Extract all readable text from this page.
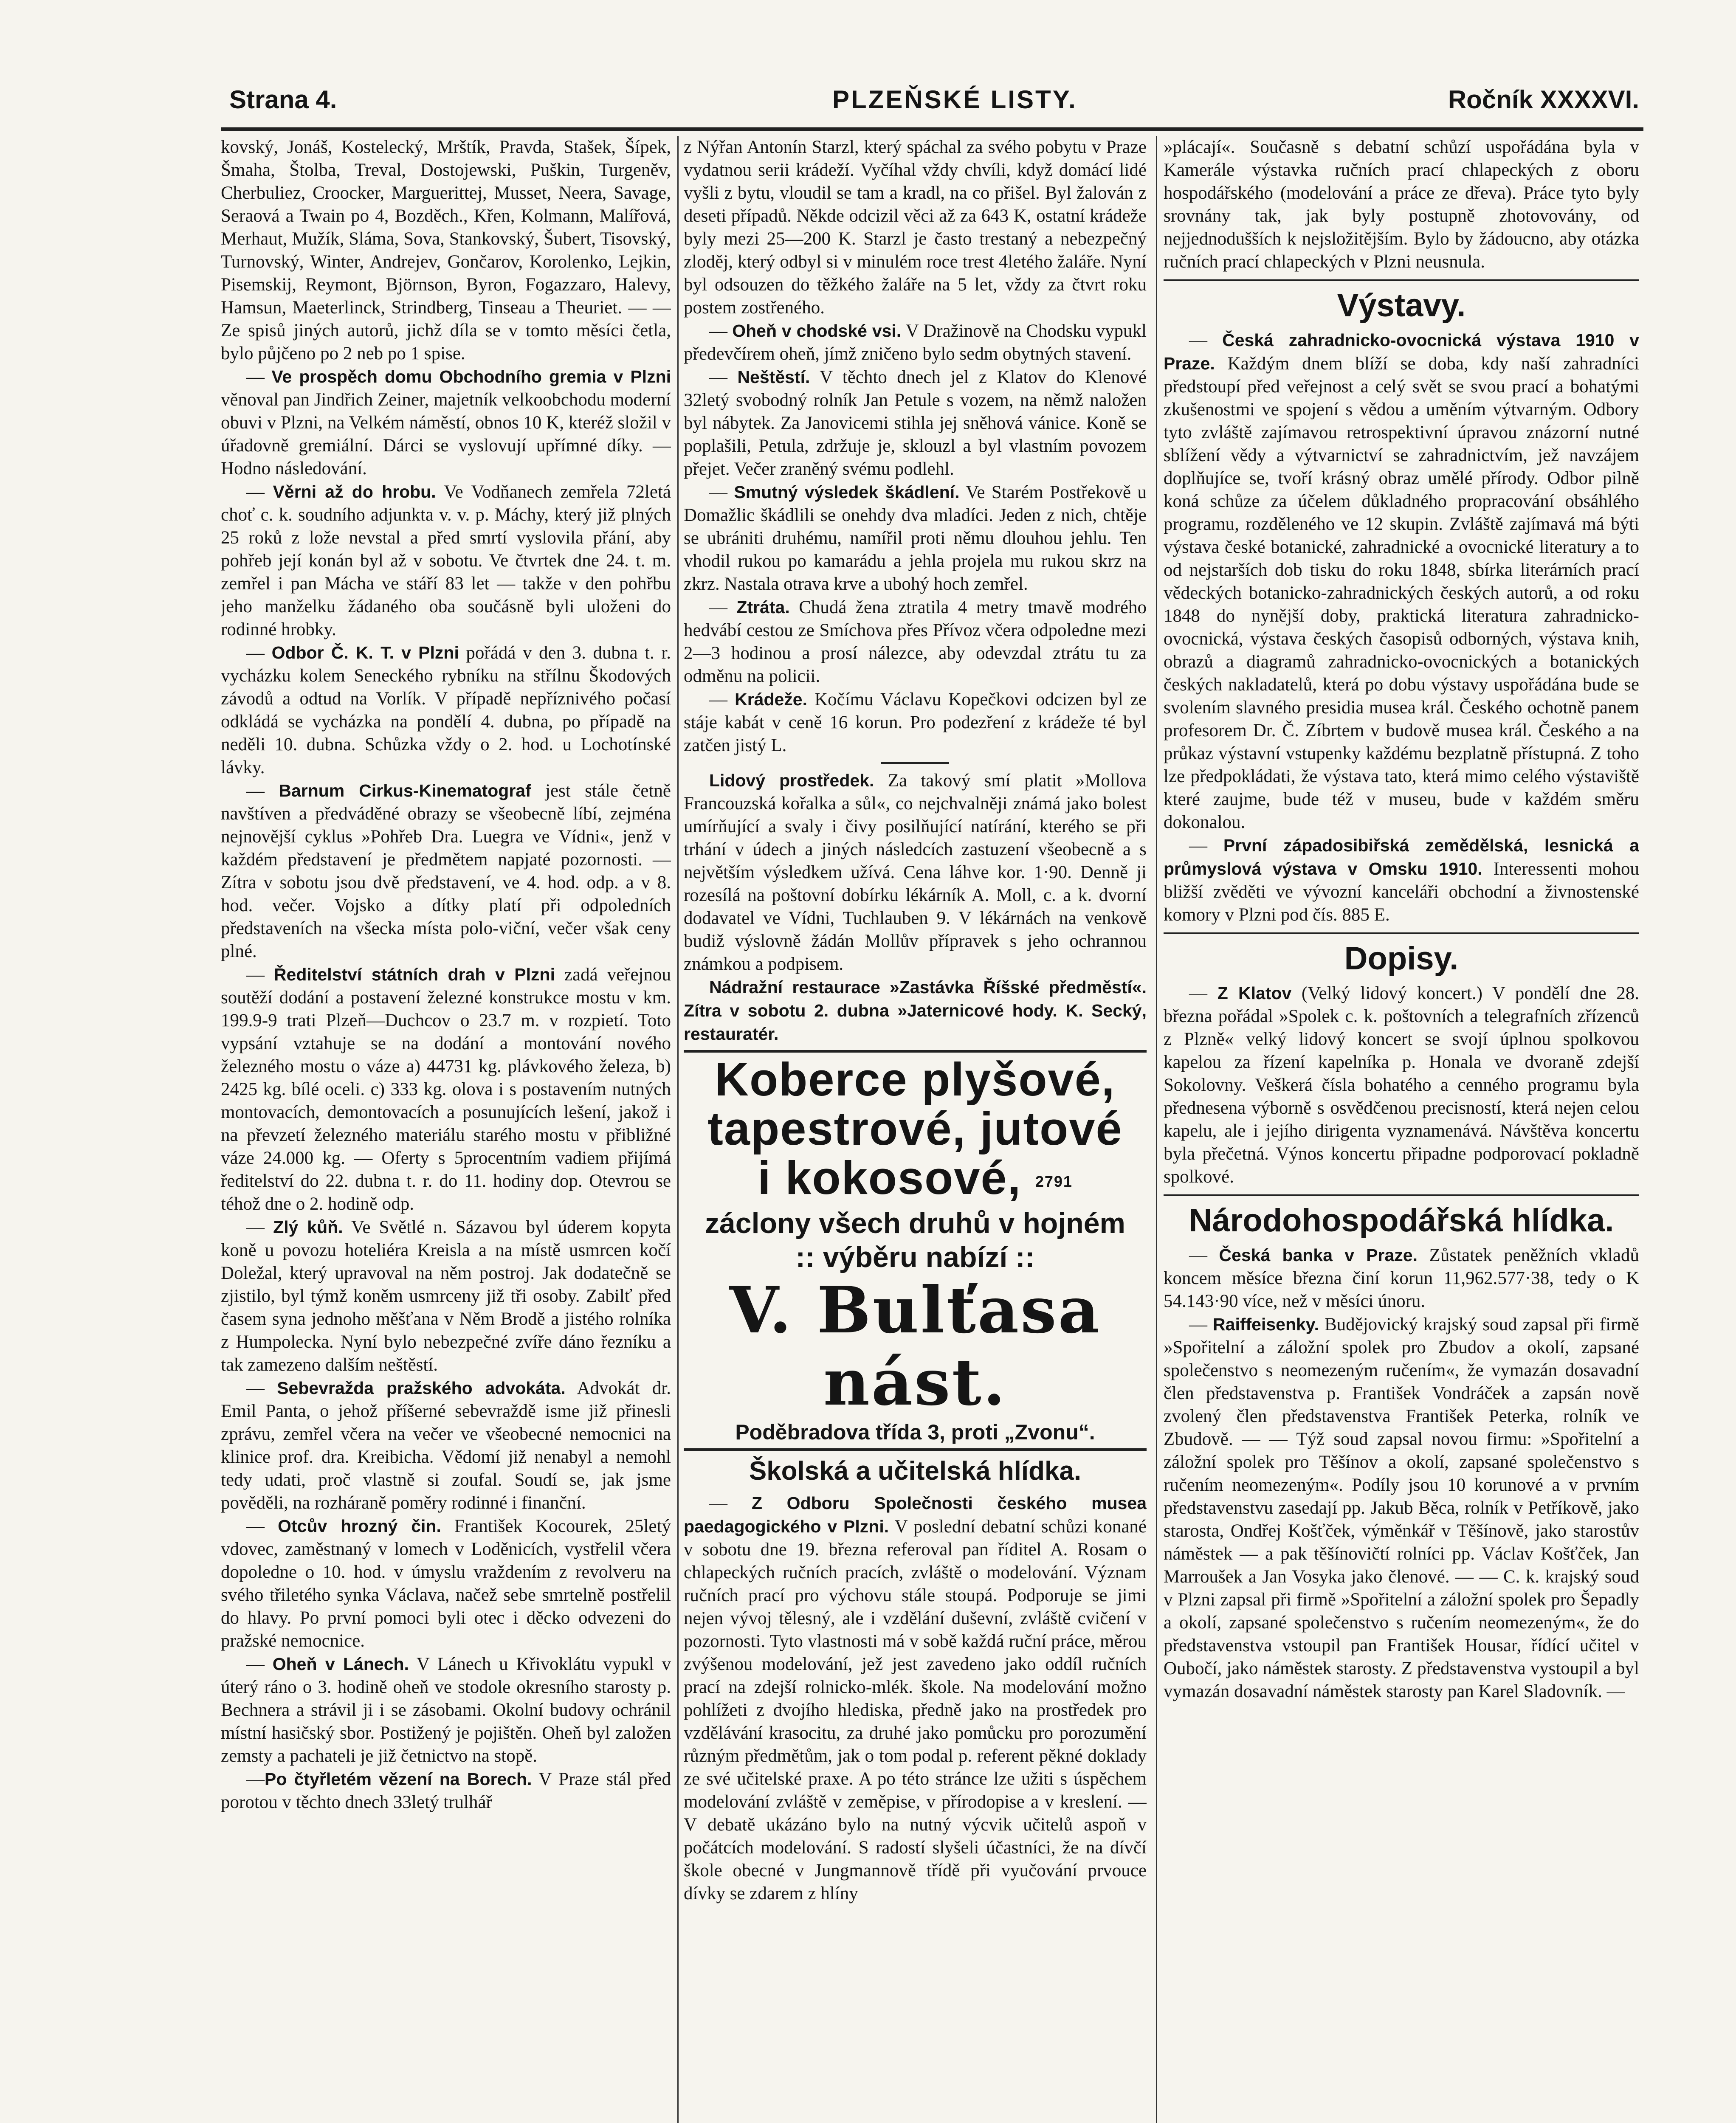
Strana 4.	PLZEŇSKÉ LISTY.	Ročník XXXXVI.

kovský, Jonáš, Kostelecký, Mrštík, Pravda, Stašek, Šípek, Šmaha, Štolba, Treval, Dostojewski, Puškin, Turgeněv, Cherbuliez, Croocker, Marguerittej, Musset, Neera, Savage, Seraová a Twain po 4, Bozděch., Křen, Kolmann, Malířová, Merhaut, Mužík, Sláma, Sova, Stankovský, Šubert, Tisovský, Turnovský, Winter, Andrejev, Gončarov, Korolenko, Lejkin, Pisemskij, Reymont, Björnson, Byron, Fogazzaro, Halevy, Hamsun, Maeterlinck, Strindberg, Tinseau a Theuriet. — — Ze spisů jiných autorů, jichž díla se v tomto měsíci četla, bylo půjčeno po 2 neb po 1 spise.

— Ve prospěch domu Obchodního gremia v Plzni věnoval pan Jindřich Zeiner, majetník velkoobchodu moderní obuvi v Plzni, na Velkém náměstí, obnos 10 K, kteréž složil v úřadovně gremiální. Dárci se vyslovují upřímné díky. — Hodno následování.

— Věrni až do hrobu. Ve Vodňanech zemřela 72letá choť c. k. soudního adjunkta v. v. p. Máchy, který již plných 25 roků z lože nevstal a před smrtí vyslovila přání, aby pohřeb její konán byl až v sobotu. Ve čtvrtek dne 24. t. m. zemřel i pan Mácha ve stáří 83 let — takže v den pohřbu jeho manželku žádaného oba součásně byli uloženi do rodinné hrobky.

— Odbor Č. K. T. v Plzni pořádá v den 3. dubna t. r. vycházku kolem Seneckého rybníku na střílnu Škodových závodů a odtud na Vorlík. V případě nepříznivého počasí odkládá se vycházka na pondělí 4. dubna, po případě na neděli 10. dubna. Schůzka vždy o 2. hod. u Lochotínské lávky.

— Barnum Cirkus-Kinematograf jest stále četně navštíven a předváděné obrazy se všeobecně líbí, zejména nejnovější cyklus »Pohřeb Dra. Luegra ve Vídni«, jenž v každém představení je předmětem napjaté pozornosti. — Zítra v sobotu jsou dvě představení, ve 4. hod. odp. a v 8. hod. večer. Vojsko a dítky platí při odpoledních představeních na všecka místa polo-viční, večer však ceny plné.

— Ředitelství státních drah v Plzni zadá veřejnou soutěží dodání a postavení železné konstrukce mostu v km. 199.9-9 trati Plzeň—Duchcov o 23.7 m. v rozpietí. Toto vypsání vztahuje se na dodání a montování nového železného mostu o váze a) 44731 kg. plávkového železa, b) 2425 kg. bílé oceli. c) 333 kg. olova i s postavením nutných montovacích, demontovacích a posunujících lešení, jakož i na převzetí železného materiálu starého mostu v přibližné váze 24.000 kg. — Oferty s 5procentním vadiem přijímá ředitelství do 22. dubna t. r. do 11. hodiny dop. Otevrou se téhož dne o 2. hodině odp.

— Zlý kůň. Ve Světlé n. Sázavou byl úderem kopyta koně u povozu hoteliéra Kreisla a na místě usmrcen kočí Doležal, který upravoval na něm postroj. Jak dodatečně se zjistilo, byl týmž koněm usmrceny již tři osoby. Zabilť před časem syna jednoho měšťana v Něm Brodě a jistého rolníka z Humpolecka. Nyní bylo nebezpečné zvíře dáno řezníku a tak zamezeno dalším neštěstí.

— Sebevražda pražského advokáta. Advokát dr. Emil Panta, o jehož příšerné sebevraždě isme již přinesli zprávu, zemřel včera na večer ve všeobecné nemocnici na klinice prof. dra. Kreibicha. Vědomí již nenabyl a nemohl tedy udati, proč vlastně si zoufal. Soudí se, jak jsme pověděli, na rozháraně poměry rodinné i finanční.

— Otcův hrozný čin. František Kocourek, 25letý vdovec, zaměstnaný v lomech v Loděnicích, vystřelil včera dopoledne o 10. hod. v úmyslu vraždením z revolveru na svého třiletého synka Václava, načež sebe smrtelně postřelil do hlavy. Po první pomoci byli otec i děcko odvezeni do pražské nemocnice.

— Oheň v Lánech. V Lánech u Křivoklátu vypukl v úterý ráno o 3. hodině oheň ve stodole okresního starosty p. Bechnera a strávil ji i se zásobami. Okolní budovy ochránil místní hasičský sbor. Postižený je pojištěn. Oheň byl založen zemsty a pachateli je již četnictvo na stopě.

—Po čtyřletém vězení na Borech. V Praze stál před porotou v těchto dnech 33letý trulhář

z Nýřan Antonín Starzl, který spáchal za svého pobytu v Praze vydatnou serii krádeží. Vyčíhal vždy chvíli, když domácí lidé vyšli z bytu, vloudil se tam a kradl, na co přišel. Byl žalován z deseti případů. Někde odcizil věci až za 643 K, ostatní krádeže byly mezi 25—200 K. Starzl je často trestaný a nebezpečný zloděj, který odbyl si v minulém roce trest 4letého žaláře. Nyní byl odsouzen do těžkého žaláře na 5 let, vždy za čtvrt roku postem zostřeného.

— Oheň v chodské vsi. V Dražinově na Chodsku vypukl předevčírem oheň, jímž zničeno bylo sedm obytných stavení.

— Neštěstí. V těchto dnech jel z Klatov do Klenové 32letý svobodný rolník Jan Petule s vozem, na němž naložen byl nábytek. Za Janovicemi stihla jej sněhová vánice. Koně se poplašili, Petula, zdržuje je, sklouzl a byl vlastním povozem přejet. Večer zraněný svému podlehl.

— Smutný výsledek škádlení. Ve Starém Postřekově u Domažlic škádlili se onehdy dva mladíci. Jeden z nich, chtěje se ubrániti druhému, namířil proti němu dlouhou jehlu. Ten vhodil rukou po kamarádu a jehla projela mu rukou skrz na zkrz. Nastala otrava krve a ubohý hoch zemřel.

— Ztráta. Chudá žena ztratila 4 metry tmavě modrého hedvábí cestou ze Smíchova přes Přívoz včera odpoledne mezi 2—3 hodinou a prosí nálezce, aby odevzdal ztrátu tu za odměnu na policii.

— Krádeže. Kočímu Václavu Kopečkovi odcizen byl ze stáje kabát v ceně 16 korun. Pro podezření z krádeže té byl zatčen jistý L.

Lidový prostředek. Za takový smí platit »Mollova Francouzská kořalka a sůl«, co nejchvalněji známá jako bolest umírňující a svaly i čivy posilňující natírání, kterého se při trhání v údech a jiných následcích zastuzení všeobecně a s největším výsledkem užívá. Cena láhve kor. 1·90. Denně ji rozesílá na poštovní dobírku lékárník A. Moll, c. a k. dvorní dodavatel ve Vídni, Tuchlauben 9. V lékárnách na venkově budiž výslovně žádán Mollův přípravek s jeho ochrannou známkou a podpisem.

Nádražní restaurace »Zastávka Říšské předměstí«. Zítra v sobotu 2. dubna »Jaternicové hody. K. Secký, restauratér.

Koberce plyšové,
tapestrové, jutové
i kokosové, 2791
záclony všech druhů v hojném
:: výběru nabízí ::
V. Bulťasa nást.
Poděbradova třída 3, proti „Zvonu“.
Školská a učitelská hlídka.

— Z Odboru Společnosti českého musea paedagogického v Plzni. V poslední debatní schůzi konané v sobotu dne 19. března referoval pan říditel A. Rosam o chlapeckých ručních pracích, zvláště o modelování. Význam ručních prací pro výchovu stále stoupá. Podporuje se jimi nejen vývoj tělesný, ale i vzdělání duševní, zvláště cvičení v pozornosti. Tyto vlastnosti má v sobě každá ruční práce, měrou zvýšenou modelování, jež jest zavedeno jako oddíl ručních prací na zdejší rolnicko-mlék. škole. Na modelování možno pohlížeti z dvojího hlediska, předně jako na prostředek pro vzdělávání krasocitu, za druhé jako pomůcku pro porozumění různým předmětům, jak o tom podal p. referent pěkné doklady ze své učitelské praxe. A po této stránce lze užiti s úspěchem modelování zvláště v zeměpise, v přírodopise a v kreslení. — V debatě ukázáno bylo na nutný výcvik učitelů aspoň v počátcích modelování. S radostí slyšeli účastníci, že na dívčí škole obecné v Jungmannově třídě při vyučování prvouce dívky se zdarem z hlíny

»plácají«. Současně s debatní schůzí uspořádána byla v Kamerále výstavka ručních prací chlapeckých z oboru hospodářského (modelování a práce ze dřeva). Práce tyto byly srovnány tak, jak byly postupně zhotovovány, od nejjednodušších k nejsložitějším. Bylo by žádoucno, aby otázka ručních prací chlapeckých v Plzni neusnula.

Výstavy.

— Česká zahradnicko-ovocnická výstava 1910 v Praze. Každým dnem blíží se doba, kdy naší zahradníci předstoupí před veřejnost a celý svět se svou prací a bohatými zkušenostmi ve spojení s vědou a uměním výtvarným. Odbory tyto zvláště zajímavou retrospektivní úpravou znázorní nutné sblížení vědy a výtvarnictví se zahradnictvím, jež navzájem doplňujíce se, tvoří krásný obraz umělé přírody. Odbor pilně koná schůze za účelem důkladného propracování obsáhlého programu, rozděleného ve 12 skupin. Zvláště zajímavá má býti výstava české botanické, zahradnické a ovocnické literatury a to od nejstarších dob tisku do roku 1848, sbírka literárních prací vědeckých botanicko-zahradnických českých autorů, a od roku 1848 do nynější doby, praktická literatura zahradnicko-ovocnická, výstava českých časopisů odborných, výstava knih, obrazů a diagramů zahradnicko-ovocnických a botanických českých nakladatelů, která po dobu výstavy uspořádána bude se svolením slavného presidia musea král. Českého ochotně panem profesorem Dr. Č. Zíbrtem v budově musea král. Českého a na průkaz výstavní vstupenky každému bezplatně přístupná. Z toho lze předpokládati, že výstava tato, která mimo celého výstaviště které zaujme, bude též v museu, bude v každém směru dokonalou.

— První západosibiřská zemědělská, lesnická a průmyslová výstava v Omsku 1910. Interessenti mohou bližší zvěděti ve vývozní kanceláři obchodní a živnostenské komory v Plzni pod čís. 885 E.

Dopisy.

— Z Klatov (Velký lidový koncert.) V pondělí dne 28. března pořádal »Spolek c. k. poštovních a telegrafních zřízenců z Plzně« velký lidový koncert se svojí úplnou spolkovou kapelou za řízení kapelníka p. Honala ve dvoraně zdejší Sokolovny. Veškerá čísla bohatého a cenného programu byla přednesena výborně s osvědčenou precisností, která nejen celou kapelu, ale i jejího dirigenta vyznamenává. Návštěva koncertu byla přečetná. Výnos koncertu připadne podporovací pokladně spolkové.

Národohospodářská hlídka.

— Česká banka v Praze. Zůstatek peněžních vkladů koncem měsíce března činí korun 11,962.577·38, tedy o K 54.143·90 více, než v měsíci únoru.

— Raiffeisenky. Budějovický krajský soud zapsal při firmě »Spořitelní a záložní spolek pro Zbudov a okolí, zapsané společenstvo s neomezeným ručením«, že vymazán dosavadní člen představenstva p. František Vondráček a zapsán nově zvolený člen představenstva František Peterka, rolník ve Zbudově. — — Týž soud zapsal novou firmu: »Spořitelní a záložní spolek pro Těšínov a okolí, zapsané společenstvo s ručením neomezeným«. Podíly jsou 10 korunové a v prvním představenstvu zasedají pp. Jakub Běca, rolník v Petříkově, jako starosta, Ondřej Košťček, výměnkář v Těšínově, jako starostův náměstek — a pak těšínovičtí rolníci pp. Václav Košťček, Jan Marroušek a Jan Vosyka jako členové. — — C. k. krajský soud v Plzni zapsal při firmě »Spořitelní a záložní spolek pro Šepadly a okolí, zapsané společenstvo s ručením neomezeným«, že do představenstva vstoupil pan František Housar, řídící učitel v Oubočí, jako náměstek starosty. Z představenstva vystoupil a byl vymazán dosavadní náměstek starosty pan Karel Sladovník. —
